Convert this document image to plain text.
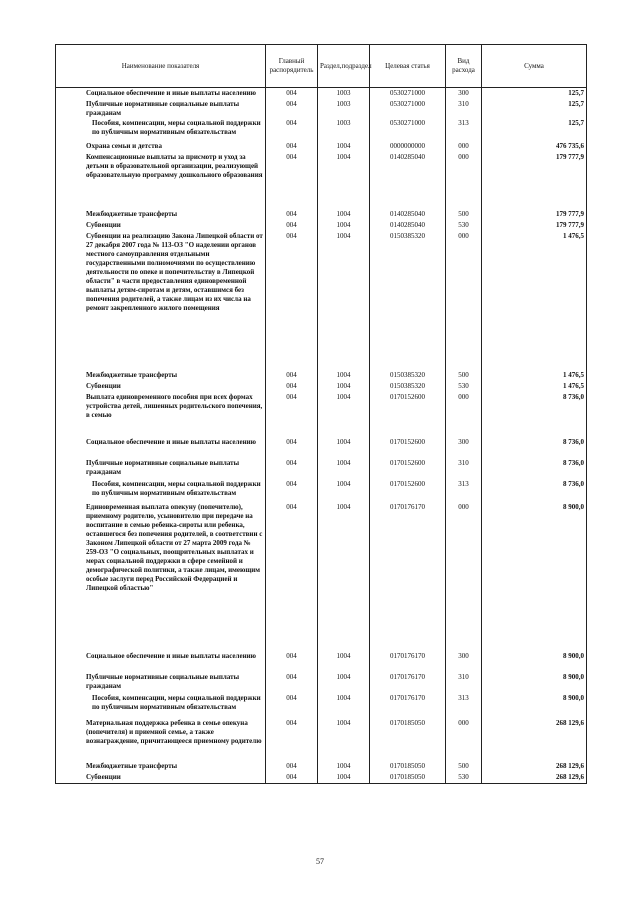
Наименование показателя	Главный распорядитель	Раздел,подраздел	Целевая статья	Вид расхода	Сумма
Социальное обеспечение и иные выплаты населению	004	1003	0530271000	300	125,7
Публичные нормативные социальные выплаты гражданам	004	1003	0530271000	310	125,7
Пособия, компенсации, меры социальной поддержки по публичным нормативным обязательствам	004	1003	0530271000	313	125,7
Охрана семьи и детства	004	1004	0000000000	000	476 735,6
Компенсационные выплаты за присмотр и уход за детьми в образовательной организации, реализующей образовательную программу дошкольного образования	004	1004	0140285040	000	179 777,9
Межбюджетные трансферты	004	1004	0140285040	500	179 777,9
Субвенции	004	1004	0140285040	530	179 777,9
Субвенции на реализацию Закона Липецкой области от 27 декабря 2007 года № 113-ОЗ "О наделении органов местного самоуправления отдельными государственными полномочиями по осуществлению деятельности по опеке и попечительству в Липецкой области" в части предоставления единовременной выплаты детям-сиротам и детям, оставшимся без попечения родителей, а также лицам из их числа на ремонт закрепленного жилого помещения	004	1004	0150385320	000	1 476,5
Межбюджетные трансферты	004	1004	0150385320	500	1 476,5
Субвенции	004	1004	0150385320	530	1 476,5
Выплата единовременного пособия при всех формах устройства детей, лишенных родительского попечения, в семью	004	1004	0170152600	000	8 736,0
Социальное обеспечение и иные выплаты населению	004	1004	0170152600	300	8 736,0
Публичные нормативные социальные выплаты гражданам	004	1004	0170152600	310	8 736,0
Пособия, компенсации, меры социальной поддержки по публичным нормативным обязательствам	004	1004	0170152600	313	8 736,0
Единовременная выплата опекуну (попечителю), приемному родителю, усыновителю при передаче на воспитание в семью ребенка-сироты или ребенка, оставшегося без попечения родителей, в соответствии с Законом Липецкой области от 27 марта 2009 года № 259-ОЗ "О социальных, поощрительных выплатах и мерах социальной поддержки в сфере семейной и демографической политики, а также лицам, имеющим особые заслуги перед Российской Федерацией и Липецкой областью"	004	1004	0170176170	000	8 900,0
Социальное обеспечение и иные выплаты населению	004	1004	0170176170	300	8 900,0
Публичные нормативные социальные выплаты гражданам	004	1004	0170176170	310	8 900,0
Пособия, компенсации, меры социальной поддержки по публичным нормативным обязательствам	004	1004	0170176170	313	8 900,0
Материальная поддержка ребенка в семье опекуна (попечителя) и приемной семье, а также вознаграждение, причитающееся приемному родителю	004	1004	0170185050	000	268 129,6
Межбюджетные трансферты	004	1004	0170185050	500	268 129,6
Субвенции	004	1004	0170185050	530	268 129,6
57
